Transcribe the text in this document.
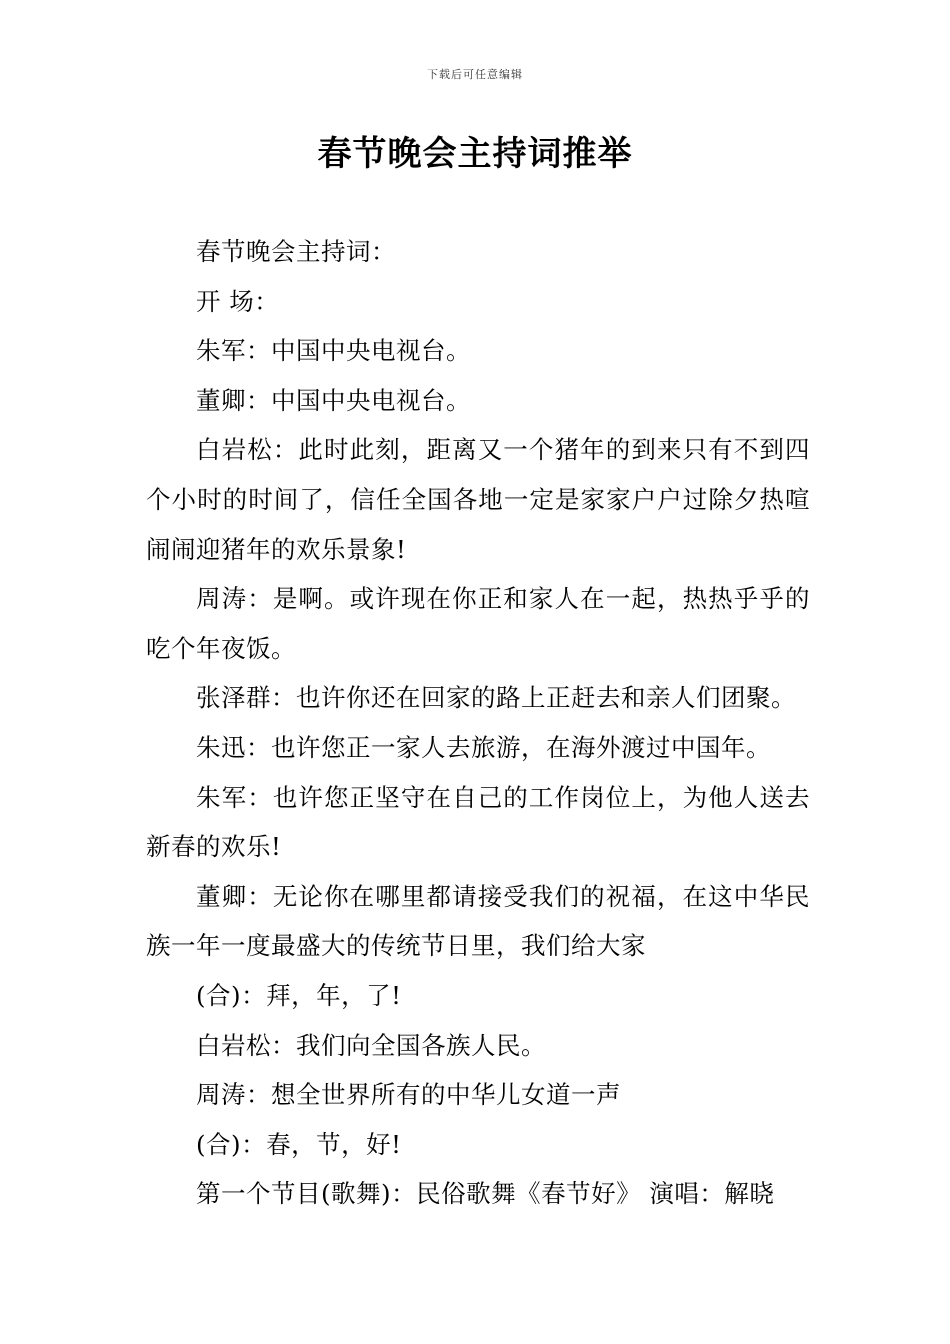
下载后可任意编辑
春节晚会主持词推举

春节晚会主持词：

开 场：

朱军：中国中央电视台。

董卿：中国中央电视台。

白岩松：此时此刻，距离又一个猪年的到来只有不到四个小时的时间了，信任全国各地一定是家家户户过除夕热喧闹闹迎猪年的欢乐景象!

周涛：是啊。或许现在你正和家人在一起，热热乎乎的吃个年夜饭。

张泽群：也许你还在回家的路上正赶去和亲人们团聚。

朱迅：也许您正一家人去旅游，在海外渡过中国年。

朱军：也许您正坚守在自己的工作岗位上，为他人送去新春的欢乐!

董卿：无论你在哪里都请接受我们的祝福，在这中华民族一年一度最盛大的传统节日里，我们给大家

(合)：拜，年，了!

白岩松：我们向全国各族人民。

周涛：想全世界所有的中华儿女道一声

(合)：春，节，好!

第一个节目(歌舞)：民俗歌舞《春节好》 演唱：解晓
